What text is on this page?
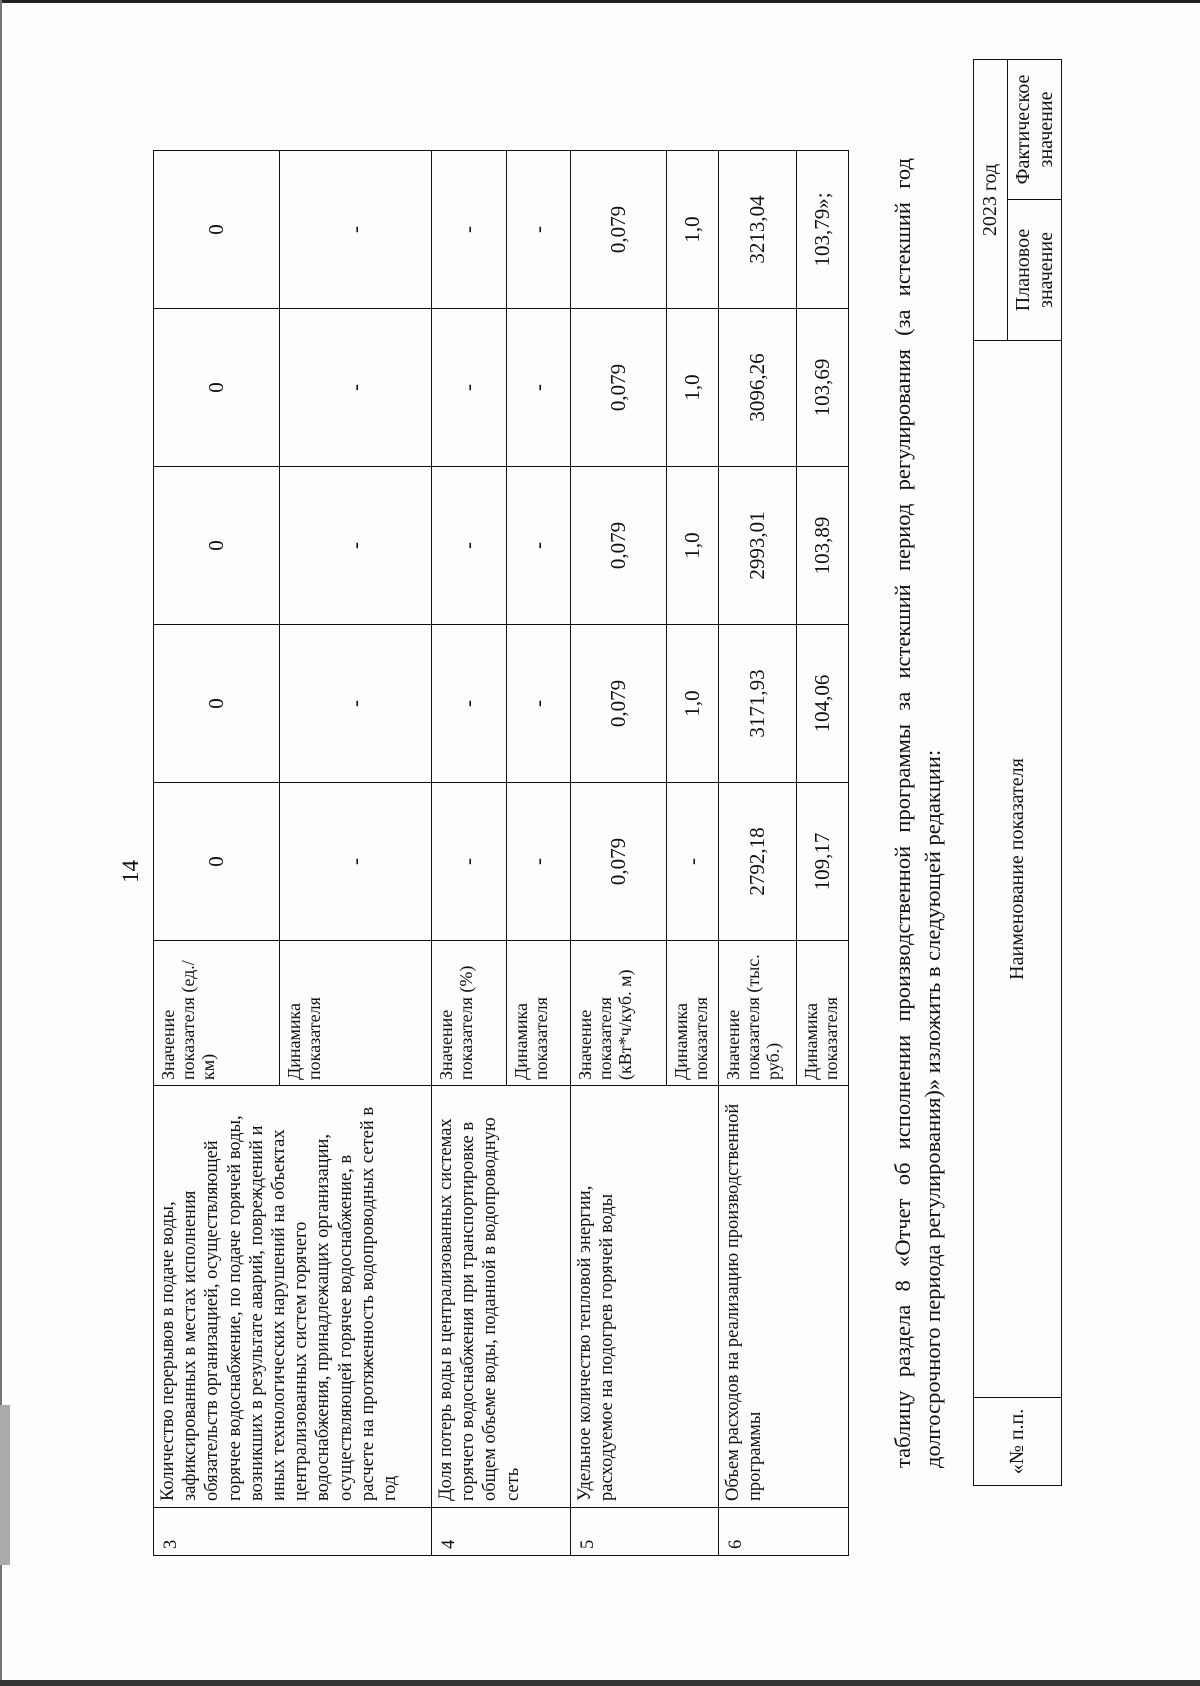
14
3	Количество перерывов в подаче воды, зафиксированных в местах исполнения обязательств организацией, осуществляющей горячее водоснабжение, по подаче горячей воды, возникших в результате аварий, повреждений и иных технологических нарушений на объектах централизованных систем горячего водоснабжения, принадлежащих организации, осуществляющей горячее водоснабжение, в расчете на протяженность водопроводных сетей в год	Значение показателя (ед./км)	0	0	0	0	0
		Динамика показателя	-	-	-	-	-
4	Доля потерь воды в централизованных системах горячего водоснабжения при транспортировке в общем объеме воды, поданной в водопроводную сеть	Значение показателя (%)	-	-	-	-	-
		Динамика показателя	-	-	-	-	-
5	Удельное количество тепловой энергии, расходуемое на подогрев горячей воды	Значение показателя (кВт*ч/куб. м)	0,079	0,079	0,079	0,079	0,079
		Динамика показателя	-	1,0	1,0	1,0	1,0
6	Объем расходов на реализацию производственной программы	Значение показателя (тыс. руб.)	2792,18	3171,93	2993,01	3096,26	3213,04
		Динамика показателя	109,17	104,06	103,89	103,69	103,79»; таблицу раздела 8 «Отчет об исполнении производственной программы за истекший период регулирования (за истекший год долгосрочного периода регулирования)» изложить в следующей редакции:	«№ п.п.	Наименование показателя	2023 год	
		Плановое значение	Фактическое значение
